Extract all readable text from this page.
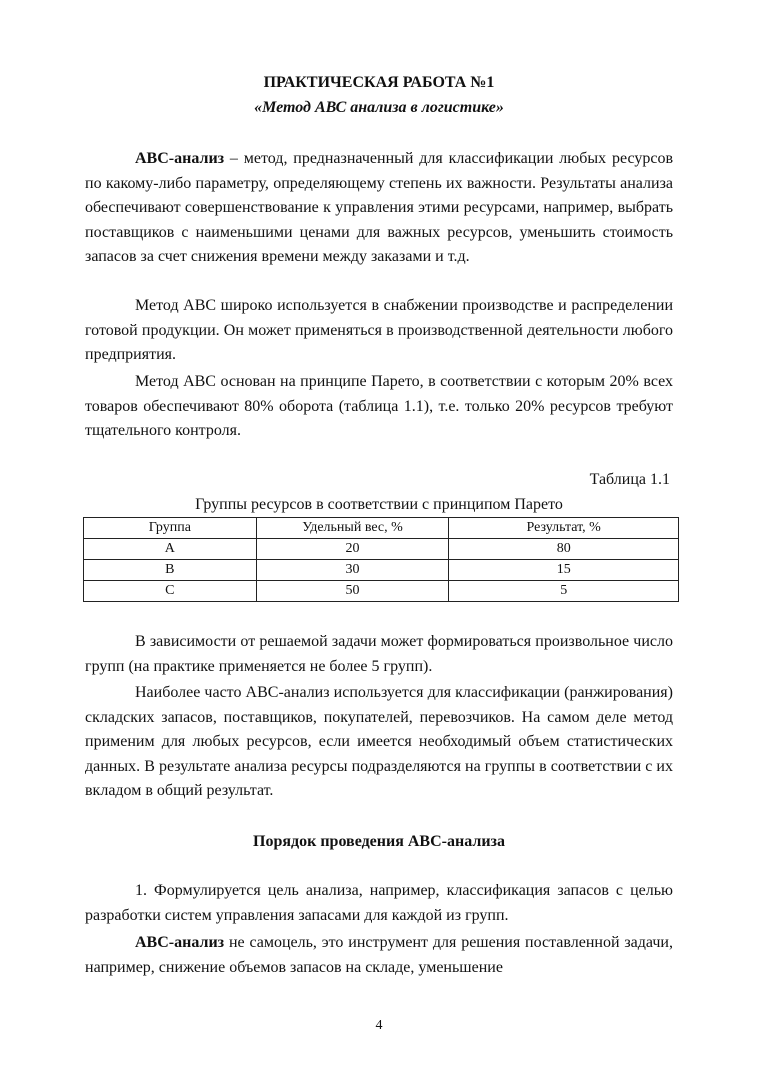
ПРАКТИЧЕСКАЯ РАБОТА №1
«Метод АВС анализа в логистике»

АВС-анализ – метод, предназначенный для классификации любых ресурсов по какому-либо параметру, определяющему степень их важности. Результаты анализа обеспечивают совершенствование к управления этими ресурсами, например, выбрать поставщиков с наименьшими ценами для важных ресурсов, уменьшить стоимость запасов за счет снижения времени между заказами и т.д.

Метод АВС широко используется в снабжении производстве и распределении готовой продукции. Он может применяться в производственной деятельности любого предприятия.

Метод АВС основан на принципе Парето, в соответствии с которым 20% всех товаров обеспечивают 80% оборота (таблица 1.1), т.е. только 20% ресурсов требуют тщательного контроля.

Таблица 1.1
Группы ресурсов в соответствии с принципом Парето
Группа	Удельный вес, %	Результат, %
A	20	80
B	30	15
C	50	5

В зависимости от решаемой задачи может формироваться произвольное число групп (на практике применяется не более 5 групп).

Наиболее часто АВС-анализ используется для классификации (ранжирования) складских запасов, поставщиков, покупателей, перевозчиков. На самом деле метод применим для любых ресурсов, если имеется необходимый объем статистических данных. В результате анализа ресурсы подразделяются на группы в соответствии с их вкладом в общий результат.

Порядок проведения АВС-анализа

1. Формулируется цель анализа, например, классификация запасов с целью разработки систем управления запасами для каждой из групп.

АВС-анализ не самоцель, это инструмент для решения поставленной задачи, например, снижение объемов запасов на складе, уменьшение

4
